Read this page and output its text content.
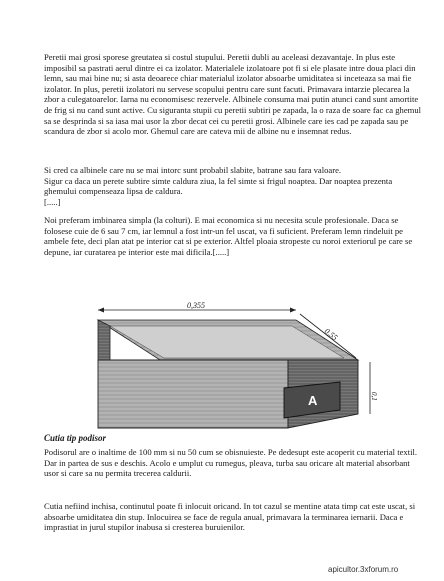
Peretii mai grosi sporese greutatea si costul stupului. Peretii dubli au aceleasi dezavantaje. In plus este imposibil sa pastrati aerul dintre ei ca izolator. Materialele izolatoare pot fi si ele plasate intre doua placi din lemn, sau mai bine nu; si asta deoarece chiar materialul izolator absoarbe umiditatea si inceteaza sa mai fie izolator. In plus, peretii izolatori nu servese scopului pentru care sunt facuti. Primavara intarzie plecarea la zbor a culegatoarelor. Iarna nu economisesc rezervele. Albinele consuma mai putin atunci cand sunt amortite de frig si nu cand sunt active. Cu siguranta stupii cu peretii subtiri pe zapada, la o raza de soare fac ca ghemul sa se desprinda si sa iasa mai usor la zbor decat cei cu peretii grosi. Albinele care ies cad pe zapada sau pe scandura de zbor si acolo mor. Ghemul care are cateva mii de albine nu e insemnat redus.

Si cred ca albinele care nu se mai intorc sunt probabil slabite, batrane sau fara valoare.

Sigur ca daca un perete subtire simte caldura ziua, la fel simte si frigul noaptea. Dar noaptea prezenta ghemului compenseaza lipsa de caldura.

[.....]

Noi preferam imbinarea simpla (la colturi). E mai economica si nu necesita scule profesionale. Daca se folosese cuie de 6 sau 7 cm, iar lemnul a fost intr-un fel uscat, va fi suficient. Preferam lemn rindeluit pe ambele fete, deci plan atat pe interior cat si pe exterior. Altfel ploaia stropeste cu noroi exteriorul pe care se depune, iar curatarea pe interior este mai dificila.[.....]

0,355
0,55
0,1
A
Cutia tip podisor

Podisorul are o inaltime de 100 mm si nu 50 cum se obisnuieste. Pe dedesupt este acoperit cu material textil. Dar in partea de sus e deschis. Acolo e umplut cu rumegus, pleava, turba sau oricare alt material absorbant usor si care sa nu permita trecerea caldurii.

Cutia nefiind inchisa, continutul poate fi inlocuit oricand. In tot cazul se mentine atata timp cat este uscat, si absoarbe umiditatea din stup. Inlocuirea se face de regula anual, primavara la terminarea iernarii. Daca e imprastiat in jurul stupilor inabusa si cresterea buruienilor.

apicultor.3xforum.ro
